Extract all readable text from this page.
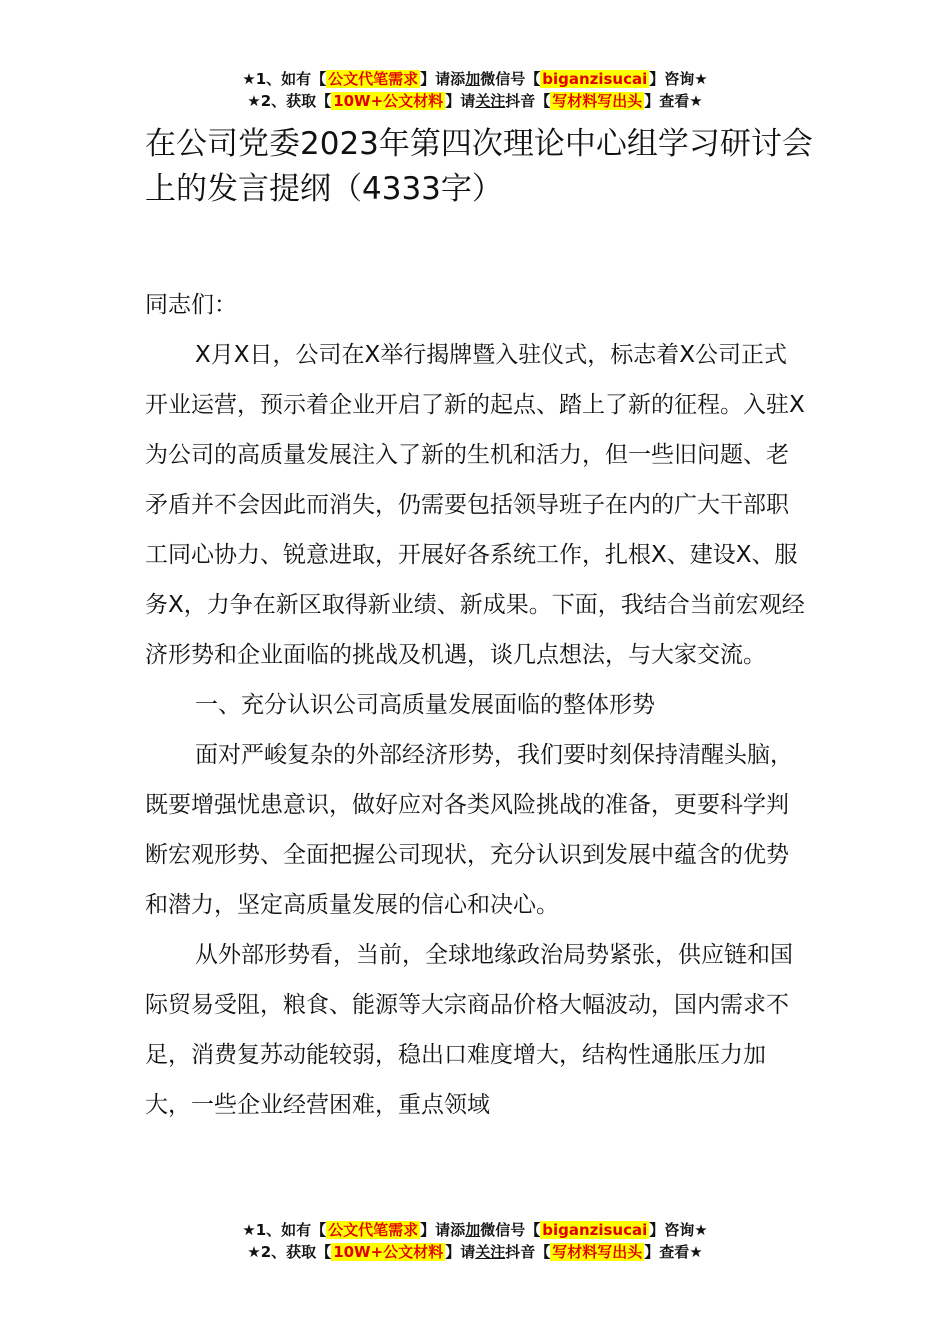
★1、如有【 公文代笔需求 】请添加微信号【 biganzisucai 】咨询★
★2、获取【 10W+公文材料 】请关注抖音【 写材料写出头 】查看★
在公司党委2023年第四次理论中心组学习研讨会上的发言提纲（4333字）

同志们：

X月X日，公司在X举行揭牌暨入驻仪式，标志着X公司正式开业运营，预示着企业开启了新的起点、踏上了新的征程。入驻X为公司的高质量发展注入了新的生机和活力，但一些旧问题、老矛盾并不会因此而消失，仍需要包括领导班子在内的广大干部职工同心协力、锐意进取，开展好各系统工作，扎根X、建设X、服务X，力争在新区取得新业绩、新成果。下面，我结合当前宏观经济形势和企业面临的挑战及机遇，谈几点想法，与大家交流。

一、充分认识公司高质量发展面临的整体形势

面对严峻复杂的外部经济形势，我们要时刻保持清醒头脑，既要增强忧患意识，做好应对各类风险挑战的准备，更要科学判断宏观形势、全面把握公司现状，充分认识到发展中蕴含的优势和潜力，坚定高质量发展的信心和决心。

从外部形势看，当前，全球地缘政治局势紧张，供应链和国际贸易受阻，粮食、能源等大宗商品价格大幅波动，国内需求不足，消费复苏动能较弱，稳出口难度增大，结构性通胀压力加大，一些企业经营困难，重点领域

★1、如有【 公文代笔需求 】请添加微信号【 biganzisucai 】咨询★
★2、获取【 10W+公文材料 】请关注抖音【 写材料写出头 】查看★
